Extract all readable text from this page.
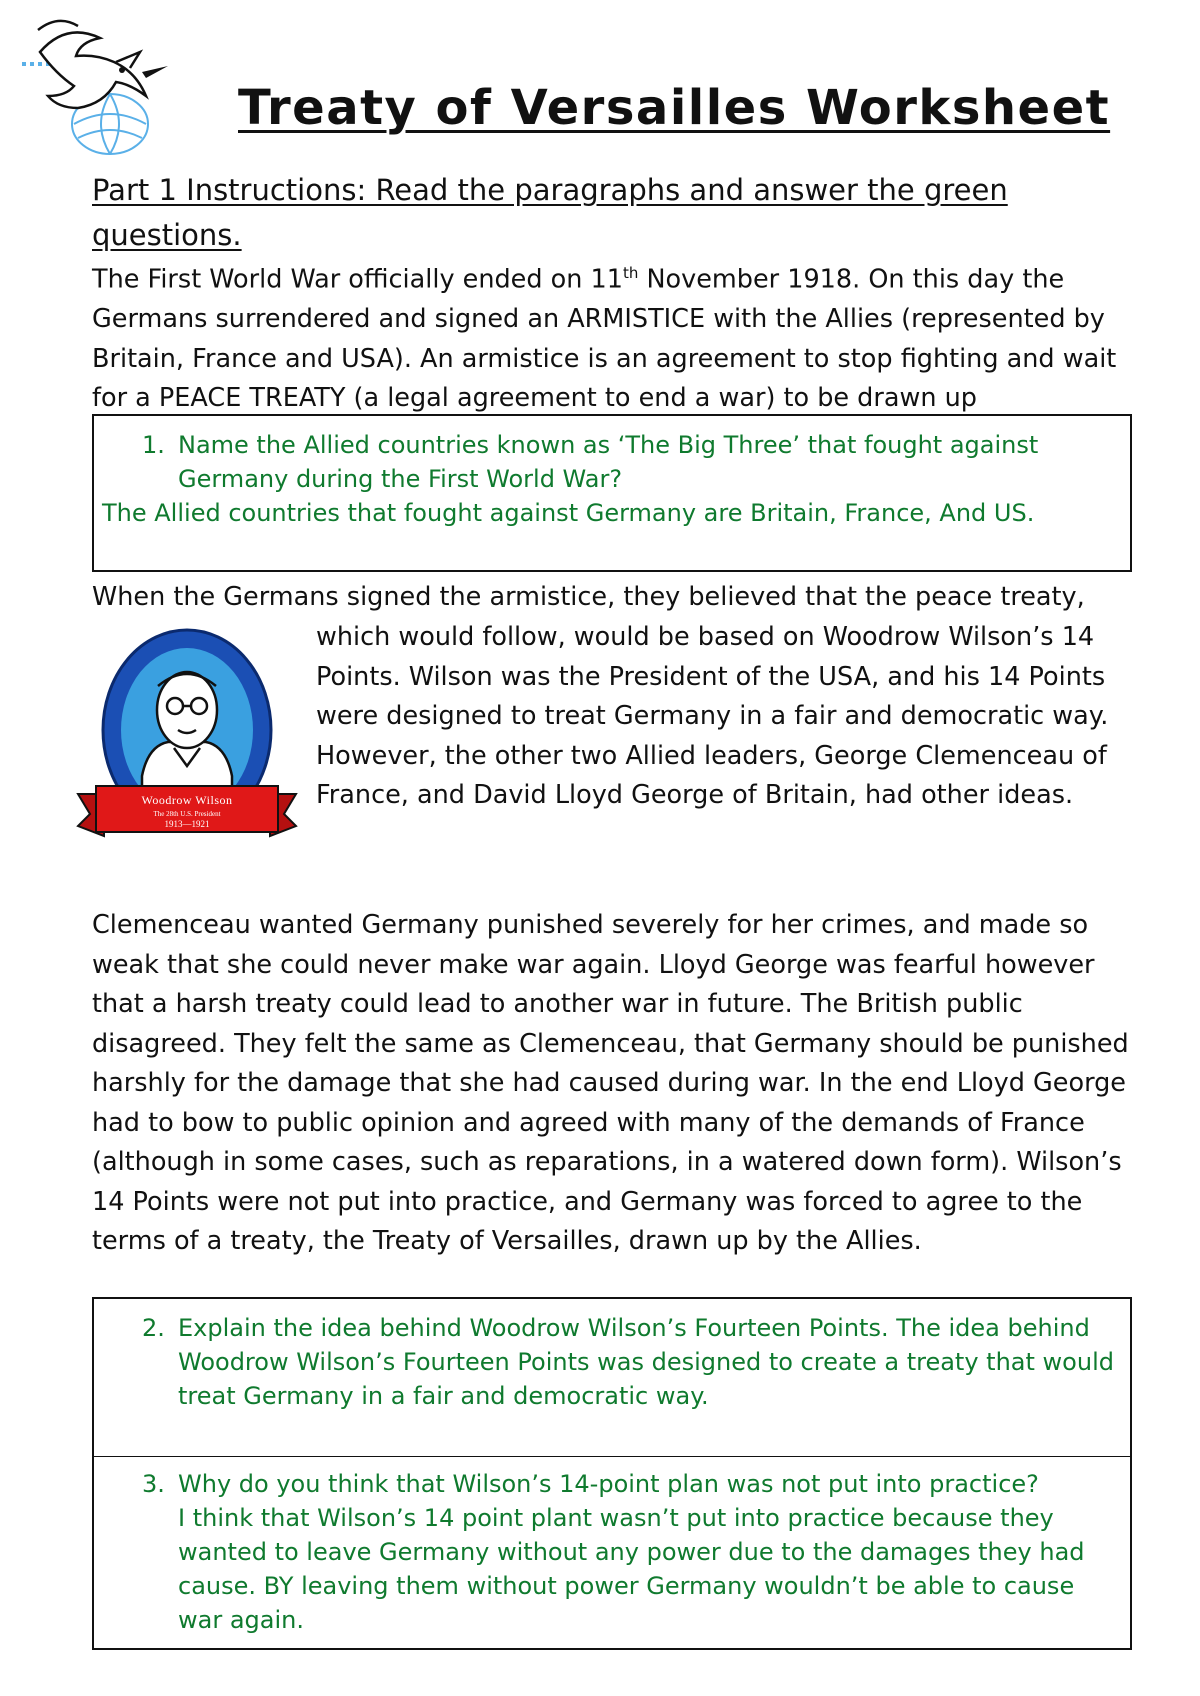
Treaty of Versailles Worksheet

Part 1 Instructions: Read the paragraphs and answer the green questions.

The First World War officially ended on 11th November 1918. On this day the Germans surrendered and signed an ARMISTICE with the Allies (represented by Britain, France and USA). An armistice is an agreement to stop fighting and wait for a PEACE TREATY (a legal agreement to end a war) to be drawn up

1. Name the Allied countries known as ‘The Big Three’ that fought against Germany during the First World War?

The Allied countries that fought against Germany are Britain, France, And US.

When the Germans signed the armistice, they believed that the peace treaty,

Woodrow Wilson
The 28th U.S. President
1913—1921

which would follow, would be based on Woodrow Wilson’s 14 Points. Wilson was the President of the USA, and his 14 Points were designed to treat Germany in a fair and democratic way. However, the other two Allied leaders, George Clemenceau of France, and David Lloyd George of Britain, had other ideas.

Clemenceau wanted Germany punished severely for her crimes, and made so weak that she could never make war again. Lloyd George was fearful however that a harsh treaty could lead to another war in future. The British public disagreed. They felt the same as Clemenceau, that Germany should be punished harshly for the damage that she had caused during war. In the end Lloyd George had to bow to public opinion and agreed with many of the demands of France (although in some cases, such as reparations, in a watered down form). Wilson’s 14 Points were not put into practice, and Germany was forced to agree to the terms of a treaty, the Treaty of Versailles, drawn up by the Allies.

2. Explain the idea behind Woodrow Wilson’s Fourteen Points. The idea behind Woodrow Wilson’s Fourteen Points was designed to create a treaty that would treat Germany in a fair and democratic way.
3. Why do you think that Wilson’s 14-point plan was not put into practice?

I think that Wilson’s 14 point plant wasn’t put into practice because they wanted to leave Germany without any power due to the damages they had cause. BY leaving them without power Germany wouldn’t be able to cause war again.
